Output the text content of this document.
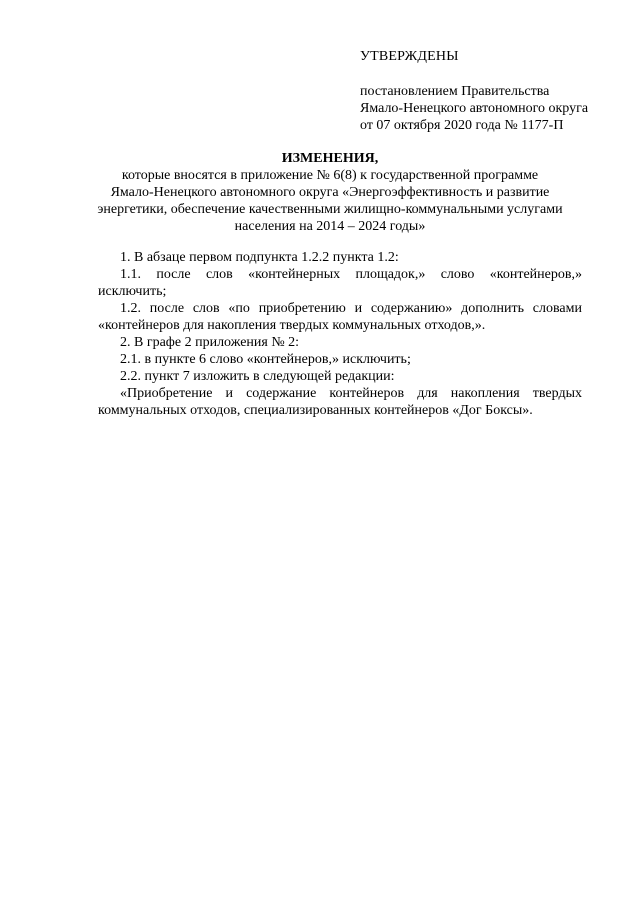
УТВЕРЖДЕНЫ
постановлением Правительства
Ямало-Ненецкого автономного округа
от 07 октября 2020 года № 1177-П
ИЗМЕНЕНИЯ,
которые вносятся в приложение № 6(8) к государственной программе
Ямало-Ненецкого автономного округа «Энергоэффективность и развитие
энергетики, обеспечение качественными жилищно-коммунальными услугами
населения на 2014 – 2024 годы»

1. В абзаце первом подпункта 1.2.2 пункта 1.2:

1.1. после слов «контейнерных площадок,» слово «контейнеров,» исключить;

1.2. после слов «по приобретению и содержанию» дополнить словами «контейнеров для накопления твердых коммунальных отходов,».

2. В графе 2 приложения № 2:

2.1. в пункте 6 слово «контейнеров,» исключить;

2.2. пункт 7 изложить в следующей редакции:

«Приобретение и содержание контейнеров для накопления твердых коммунальных отходов, специализированных контейнеров «Дог Боксы».
